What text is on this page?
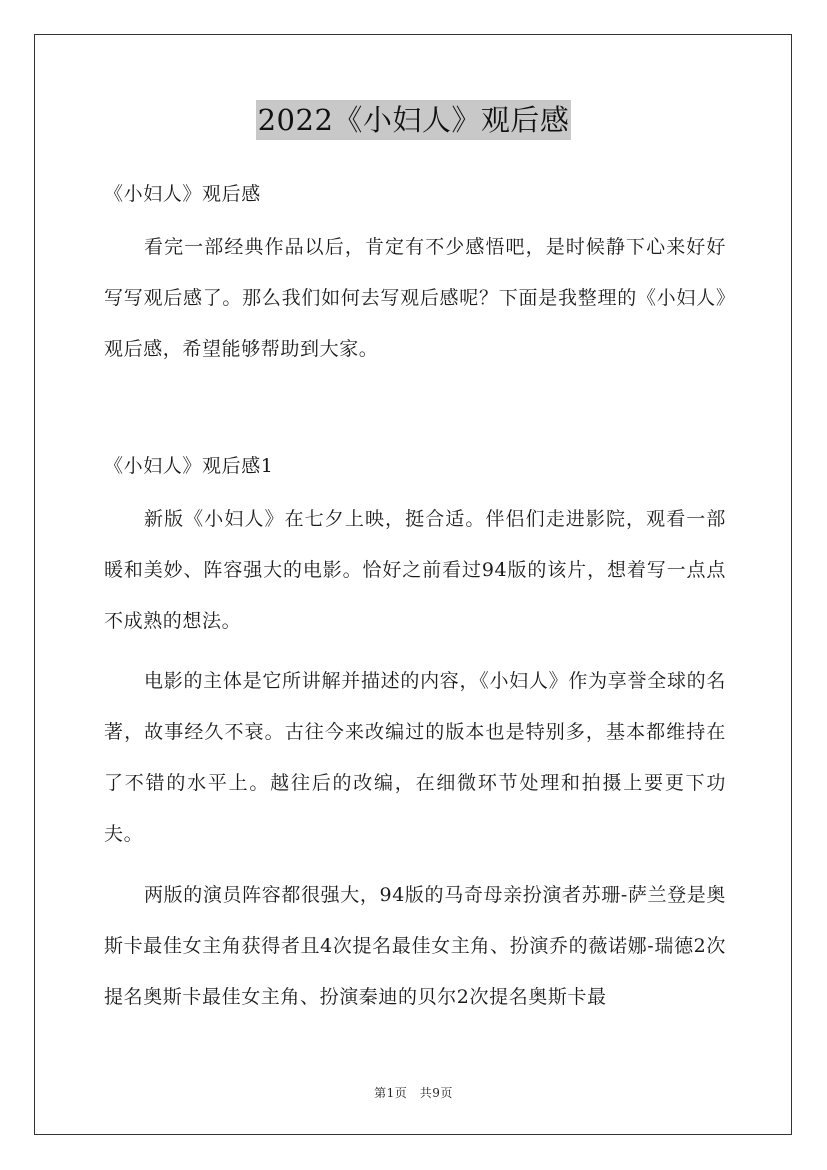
2022《小妇人》观后感

《小妇人》观后感

看完一部经典作品以后，肯定有不少感悟吧，是时候静下心来好好写写观后感了。那么我们如何去写观后感呢？下面是我整理的《小妇人》观后感，希望能够帮助到大家。

《小妇人》观后感1

新版《小妇人》在七夕上映，挺合适。伴侣们走进影院，观看一部暖和美妙、阵容强大的电影。恰好之前看过94版的该片，想着写一点点不成熟的想法。

电影的主体是它所讲解并描述的内容，《小妇人》作为享誉全球的名著，故事经久不衰。古往今来改编过的版本也是特别多，基本都维持在了不错的水平上。越往后的改编，在细微环节处理和拍摄上要更下功夫。

两版的演员阵容都很强大，94版的马奇母亲扮演者苏珊-萨兰登是奥斯卡最佳女主角获得者且4次提名最佳女主角、扮演乔的薇诺娜-瑞德2次提名奥斯卡最佳女主角、扮演秦迪的贝尔2次提名奥斯卡最

第1页　共9页
